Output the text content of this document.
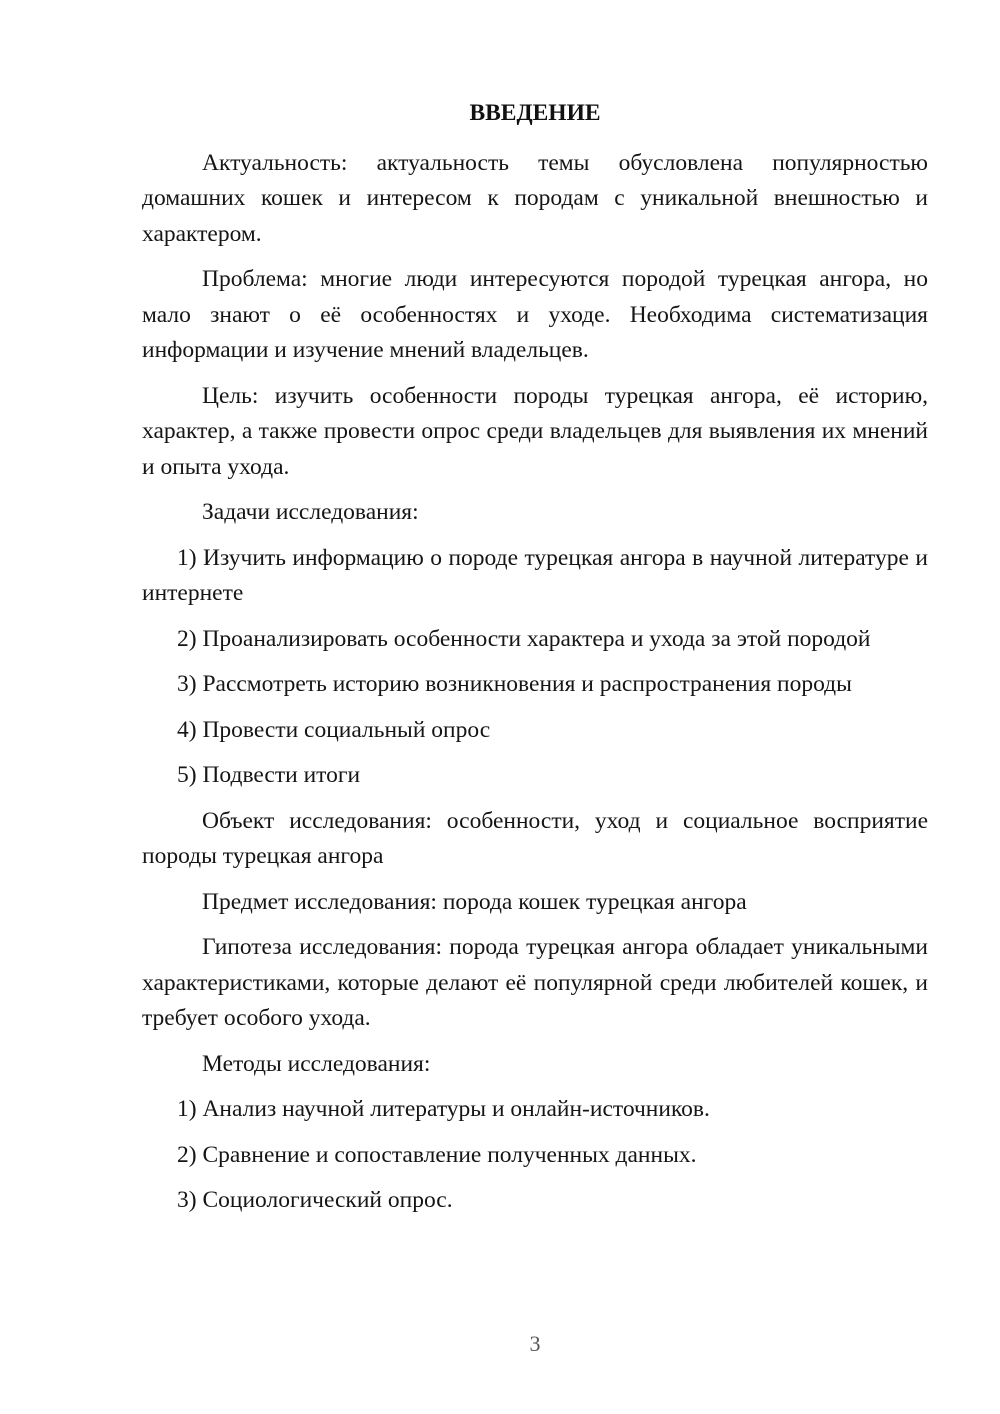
ВВЕДЕНИЕ

Актуальность: актуальность темы обусловлена популярностью домашних кошек и интересом к породам с уникальной внешностью и характером.

Проблема: многие люди интересуются породой турецкая ангора, но мало знают о её особенностях и уходе. Необходима систематизация информации и изучение мнений владельцев.

Цель: изучить особенности породы турецкая ангора, её историю, характер, а также провести опрос среди владельцев для выявления их мнений и опыта ухода.

Задачи исследования:

1) Изучить информацию о породе турецкая ангора в научной литературе и интернете

2) Проанализировать особенности характера и ухода за этой породой

3) Рассмотреть историю возникновения и распространения породы

4) Провести социальный опрос

5) Подвести итоги

Объект исследования: особенности, уход и социальное восприятие породы турецкая ангора

Предмет исследования: порода кошек турецкая ангора

Гипотеза исследования: порода турецкая ангора обладает уникальными характеристиками, которые делают её популярной среди любителей кошек, и требует особого ухода.

Методы исследования:

1) Анализ научной литературы и онлайн-источников.

2) Сравнение и сопоставление полученных данных.

3) Социологический опрос.

3
